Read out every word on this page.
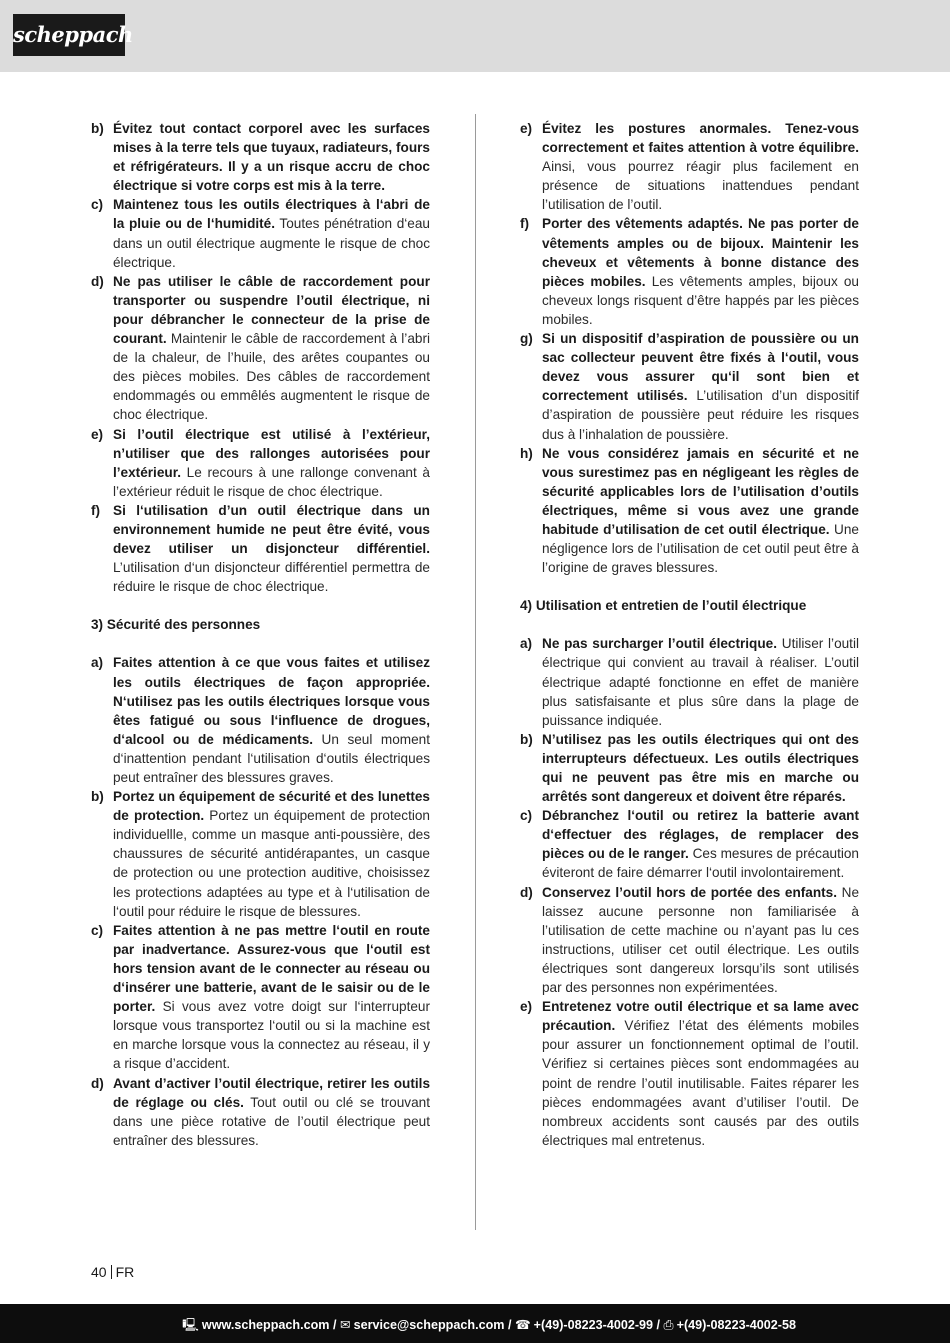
scheppach
b) Évitez tout contact corporel avec les surfaces mises à la terre tels que tuyaux, radiateurs, fours et réfrigérateurs. Il y a un risque accru de choc électrique si votre corps est mis à la terre.
c) Maintenez tous les outils électriques à l‘abri de la pluie ou de l‘humidité. Toutes pénétration d‘eau dans un outil électrique augmente le risque de choc électrique.
d) Ne pas utiliser le câble de raccordement pour transporter ou suspendre l’outil électrique, ni pour débrancher le connecteur de la prise de courant. Maintenir le câble de raccordement à l’abri de la chaleur, de l’huile, des arêtes coupantes ou des pièces mobiles. Des câbles de raccordement endommagés ou emmêlés augmentent le risque de choc électrique.
e) Si l’outil électrique est utilisé à l’extérieur, n’utiliser que des rallonges autorisées pour l’extérieur. Le recours à une rallonge convenant à l’extérieur réduit le risque de choc électrique.
f) Si l‘utilisation d’un outil électrique dans un environnement humide ne peut être évité, vous devez utiliser un disjoncteur différentiel. L’utilisation d‘un disjoncteur différentiel permettra de réduire le risque de choc électrique.
3) Sécurité des personnes
a) Faites attention à ce que vous faites et utilisez les outils électriques de façon appropriée. N‘utilisez pas les outils électriques lorsque vous êtes fatigué ou sous l‘influence de drogues, d‘alcool ou de médicaments. Un seul moment d‘inattention pendant l‘utilisation d‘outils électriques peut entraîner des blessures graves.
b) Portez un équipement de sécurité et des lunettes de protection. Portez un équipement de protection individuellle, comme un masque anti-poussière, des chaussures de sécurité antidérapantes, un casque de protection ou une protection auditive, choisissez les protections adaptées au type et à l‘utilisation de l‘outil pour réduire le risque de blessures.
c) Faites attention à ne pas mettre l‘outil en route par inadvertance. Assurez-vous que l‘outil est hors tension avant de le connecter au réseau ou d‘insérer une batterie, avant de le saisir ou de le porter. Si vous avez votre doigt sur l‘interrupteur lorsque vous transportez l‘outil ou si la machine est en marche lorsque vous la connectez au réseau, il y a risque d’accident.
d) Avant d’activer l’outil électrique, retirer les outils de réglage ou clés. Tout outil ou clé se trouvant dans une pièce rotative de l’outil électrique peut entraîner des blessures.
e) Évitez les postures anormales. Tenez-vous correctement et faites attention à votre équilibre. Ainsi, vous pourrez réagir plus facilement en présence de situations inattendues pendant l’utilisation de l’outil.
f) Porter des vêtements adaptés. Ne pas porter de vêtements amples ou de bijoux. Maintenir les cheveux et vêtements à bonne distance des pièces mobiles. Les vêtements amples, bijoux ou cheveux longs risquent d’être happés par les pièces mobiles.
g) Si un dispositif d’aspiration de poussière ou un sac collecteur peuvent être fixés à l‘outil, vous devez vous assurer qu‘il sont bien et correctement utilisés. L’utilisation d’un dispositif d’aspiration de poussière peut réduire les risques dus à l’inhalation de poussière.
h) Ne vous considérez jamais en sécurité et ne vous surestimez pas en négligeant les règles de sécurité applicables lors de l’utilisation d’outils électriques, même si vous avez une grande habitude d’utilisation de cet outil électrique. Une négligence lors de l’utilisation de cet outil peut être à l’origine de graves blessures.
4) Utilisation et entretien de l’outil électrique
a) Ne pas surcharger l’outil électrique. Utiliser l’outil électrique qui convient au travail à réaliser. L’outil électrique adapté fonctionne en effet de manière plus satisfaisante et plus sûre dans la plage de puissance indiquée.
b) N’utilisez pas les outils électriques qui ont des interrupteurs défectueux. Les outils électriques qui ne peuvent pas être mis en marche ou arrêtés sont dangereux et doivent être réparés.
c) Débranchez l‘outil ou retirez la batterie avant d‘effectuer des réglages, de remplacer des pièces ou de le ranger. Ces mesures de précaution éviteront de faire démarrer l‘outil involontairement.
d) Conservez l’outil hors de portée des enfants. Ne laissez aucune personne non familiarisée à l’utilisation de cette machine ou n’ayant pas lu ces instructions, utiliser cet outil électrique. Les outils électriques sont dangereux lorsqu’ils sont utilisés par des personnes non expérimentées.
e) Entretenez votre outil électrique et sa lame avec précaution. Vérifiez l’état des éléments mobiles pour assurer un fonctionnement optimal de l’outil. Vérifiez si certaines pièces sont endommagées au point de rendre l’outil inutilisable. Faites réparer les pièces endommagées avant d’utiliser l’outil. De nombreux accidents sont causés par des outils électriques mal entretenus.
40 FR
🖳 www.scheppach.com / ✉ service@scheppach.com / ☎ +(49)-08223-4002-99 / ⎙ +(49)-08223-4002-58
